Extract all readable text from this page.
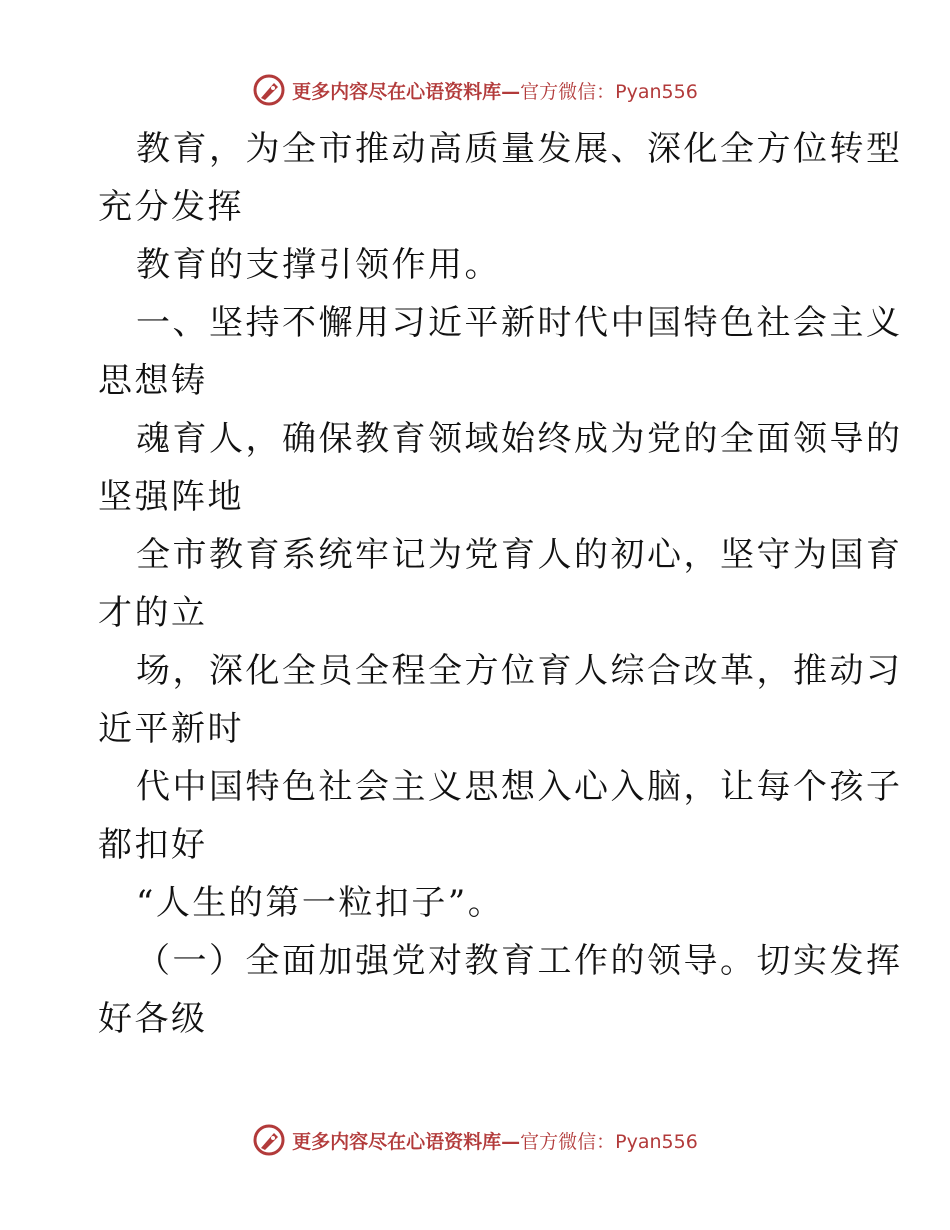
更多内容尽在心语资料库—官方微信：Pyan556
教育，为全市推动高质量发展、深化全方位转型
充分发挥
教育的支撑引领作用。
一、坚持不懈用习近平新时代中国特色社会主义
思想铸
魂育人，确保教育领域始终成为党的全面领导的
坚强阵地
全市教育系统牢记为党育人的初心，坚守为国育
才的立
场，深化全员全程全方位育人综合改革，推动习
近平新时
代中国特色社会主义思想入心入脑，让每个孩子
都扣好
“人生的第一粒扣子”。
（一）全面加强党对教育工作的领导。切实发挥
好各级
更多内容尽在心语资料库—官方微信：Pyan556
